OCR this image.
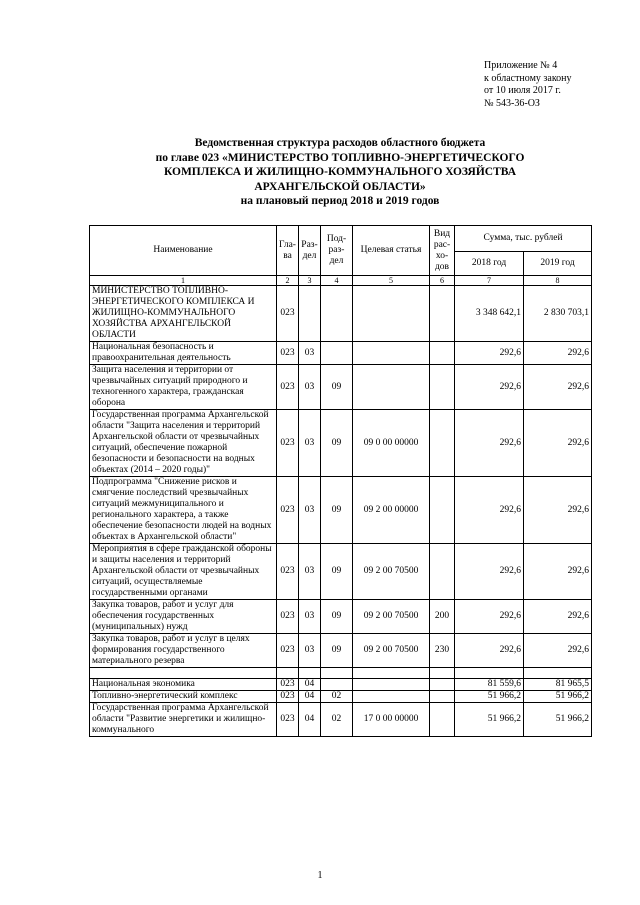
Приложение № 4
к областному закону
от 10 июля 2017 г.
№ 543-36-ОЗ
Ведомственная структура расходов областного бюджета
по главе 023 «МИНИСТЕРСТВО ТОПЛИВНО-ЭНЕРГЕТИЧЕСКОГО
КОМПЛЕКСА И ЖИЛИЩНО-КОММУНАЛЬНОГО ХОЗЯЙСТВА
АРХАНГЕЛЬСКОЙ ОБЛАСТИ»
на плановый период 2018 и 2019 годов
Наименование	Гла-ва	Раз-дел	Под-раз-дел	Целевая статья	Вид рас-хо-дов	Сумма, тыс. рублей	
						2018 год	2019 год
1	2	3	4	5	6	7	8
МИНИСТЕРСТВО ТОПЛИВНО-ЭНЕРГЕТИЧЕСКОГО КОМПЛЕКСА И ЖИЛИЩНО-КОММУНАЛЬНОГО ХОЗЯЙСТВА АРХАНГЕЛЬСКОЙ ОБЛАСТИ	023					3 348 642,1	2 830 703,1
Национальная безопасность и правоохранительная деятельность	023	03				292,6	292,6
Защита населения и территории от чрезвычайных ситуаций природного и техногенного характера, гражданская оборона	023	03	09			292,6	292,6
Государственная программа Архангельской области "Защита населения и территорий Архангельской области от чрезвычайных ситуаций, обеспечение пожарной безопасности и безопасности на водных объектах (2014 – 2020 годы)"	023	03	09	09 0 00 00000		292,6	292,6
Подпрограмма "Снижение рисков и смягчение последствий чрезвычайных ситуаций межмуниципального и регионального характера, а также обеспечение безопасности людей на водных объектах в Архангельской области"	023	03	09	09 2 00 00000		292,6	292,6
Мероприятия в сфере гражданской обороны и защиты населения и территорий Архангельской области от чрезвычайных ситуаций, осуществляемые государственными органами	023	03	09	09 2 00 70500		292,6	292,6
Закупка товаров, работ и услуг для обеспечения государственных (муниципальных) нужд	023	03	09	09 2 00 70500	200	292,6	292,6
Закупка товаров, работ и услуг в целях формирования государственного материального резерва	023	03	09	09 2 00 70500	230	292,6	292,6

Национальная экономика	023	04				81 559,6	81 965,5
Топливно-энергетический комплекс	023	04	02			51 966,2	51 966,2
Государственная программа Архангельской области "Развитие энергетики и жилищно-коммунального	023	04	02	17 0 00 00000		51 966,2	51 966,2
1
